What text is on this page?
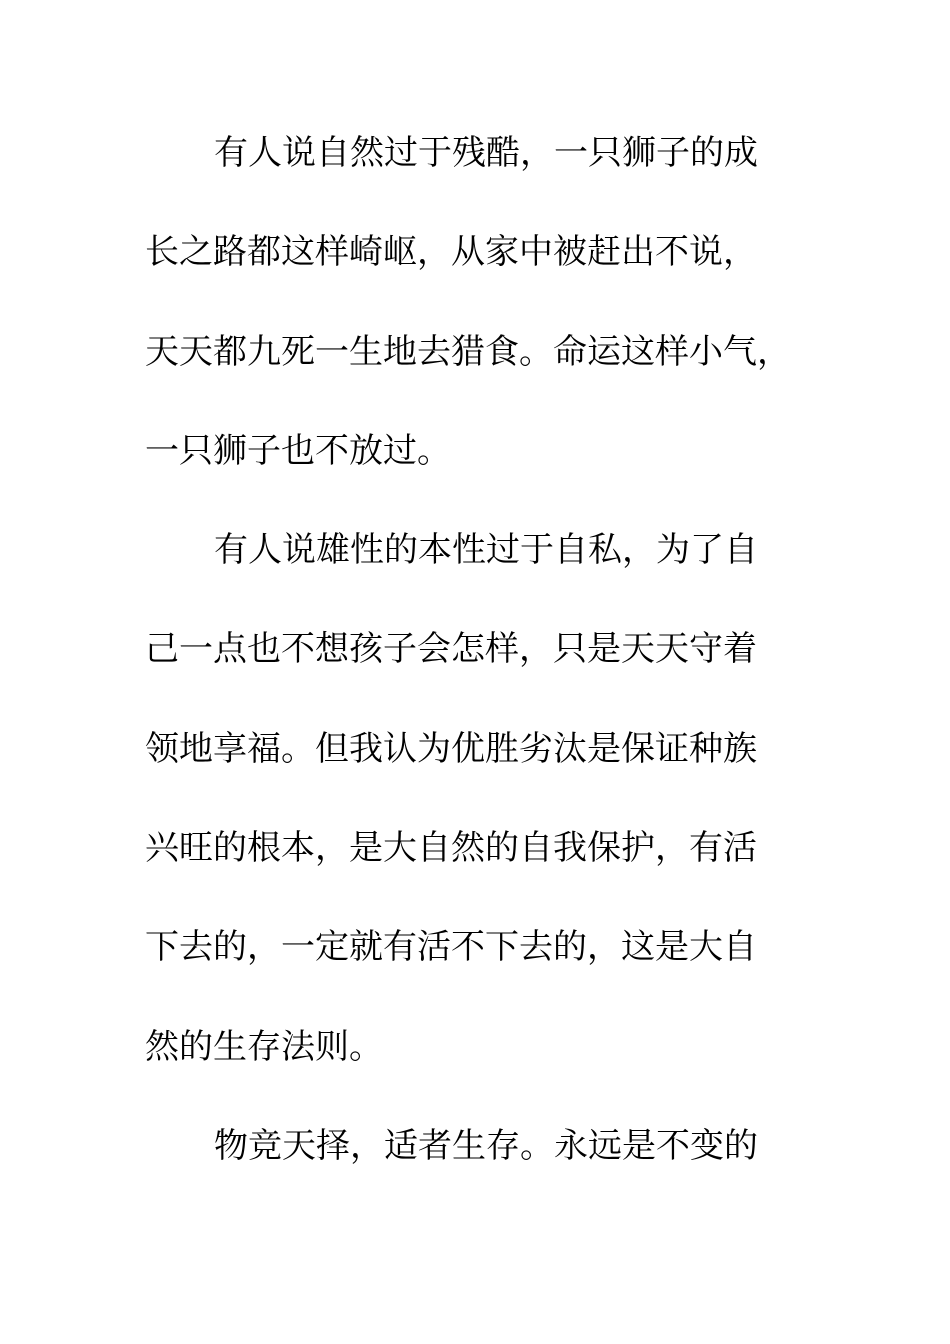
有人说自然过于残酷，一只狮子的成
长之路都这样崎岖，从家中被赶出不说，
天天都九死一生地去猎食。命运这样小气，
一只狮子也不放过。
有人说雄性的本性过于自私，为了自
己一点也不想孩子会怎样，只是天天守着
领地享福。但我认为优胜劣汰是保证种族
兴旺的根本，是大自然的自我保护，有活
下去的，一定就有活不下去的，这是大自
然的生存法则。
物竞天择，适者生存。永远是不变的
